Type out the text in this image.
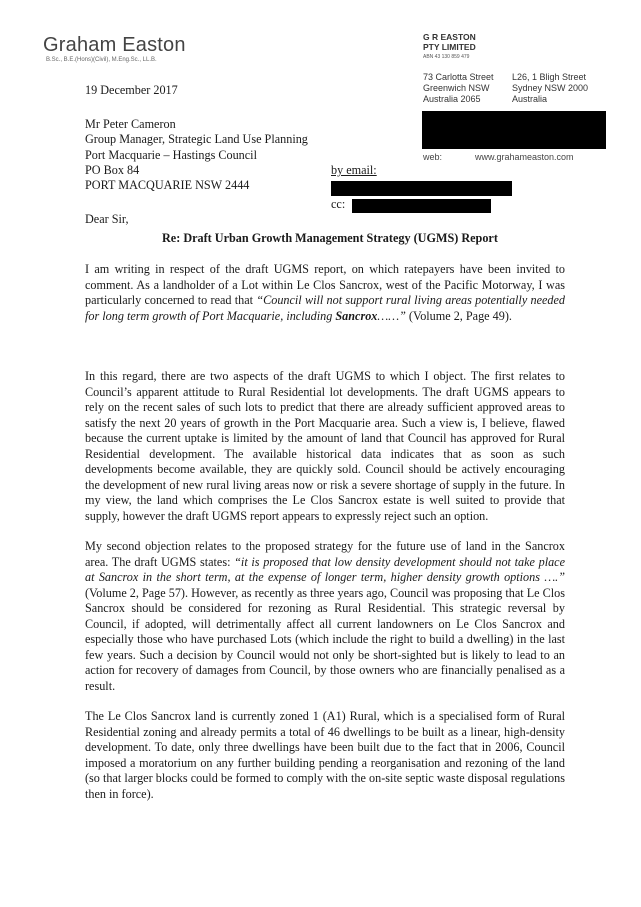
Graham Easton
B.Sc., B.E.(Hons)(Civil), M.Eng.Sc., LL.B.
G R EASTON
PTY LIMITED
ABN 43 130 859 479
73 Carlotta Street
Greenwich NSW
Australia 2065
L26, 1 Bligh Street
Sydney NSW 2000
Australia
web:	www.grahameaston.com
19 December 2017
Mr Peter Cameron
Group Manager, Strategic Land Use Planning
Port Macquarie – Hastings Council
PO Box 84
PORT MACQUARIE NSW 2444
by email:
cc:
Dear Sir,
Re: Draft Urban Growth Management Strategy (UGMS) Report
I am writing in respect of the draft UGMS report, on which ratepayers have been invited to comment. As a landholder of a Lot within Le Clos Sancrox, west of the Pacific Motorway, I was particularly concerned to read that “Council will not support rural living areas potentially needed for long term growth of Port Macquarie, including Sancrox……” (Volume 2, Page 49).
In this regard, there are two aspects of the draft UGMS to which I object. The first relates to Council’s apparent attitude to Rural Residential lot developments. The draft UGMS appears to rely on the recent sales of such lots to predict that there are already sufficient approved areas to satisfy the next 20 years of growth in the Port Macquarie area. Such a view is, I believe, flawed because the current uptake is limited by the amount of land that Council has approved for Rural Residential development. The available historical data indicates that as soon as such developments become available, they are quickly sold. Council should be actively encouraging the development of new rural living areas now or risk a severe shortage of supply in the future. In my view, the land which comprises the Le Clos Sancrox estate is well suited to provide that supply, however the draft UGMS report appears to expressly reject such an option.
My second objection relates to the proposed strategy for the future use of land in the Sancrox area. The draft UGMS states: “it is proposed that low density development should not take place at Sancrox in the short term, at the expense of longer term, higher density growth options ….” (Volume 2, Page 57). However, as recently as three years ago, Council was proposing that Le Clos Sancrox should be considered for rezoning as Rural Residential. This strategic reversal by Council, if adopted, will detrimentally affect all current landowners on Le Clos Sancrox and especially those who have purchased Lots (which include the right to build a dwelling) in the last few years. Such a decision by Council would not only be short-sighted but is likely to lead to an action for recovery of damages from Council, by those owners who are financially penalised as a result.
The Le Clos Sancrox land is currently zoned 1 (A1) Rural, which is a specialised form of Rural Residential zoning and already permits a total of 46 dwellings to be built as a linear, high-density development. To date, only three dwellings have been built due to the fact that in 2006, Council imposed a moratorium on any further building pending a reorganisation and rezoning of the land (so that larger blocks could be formed to comply with the on-site septic waste disposal regulations then in force).
